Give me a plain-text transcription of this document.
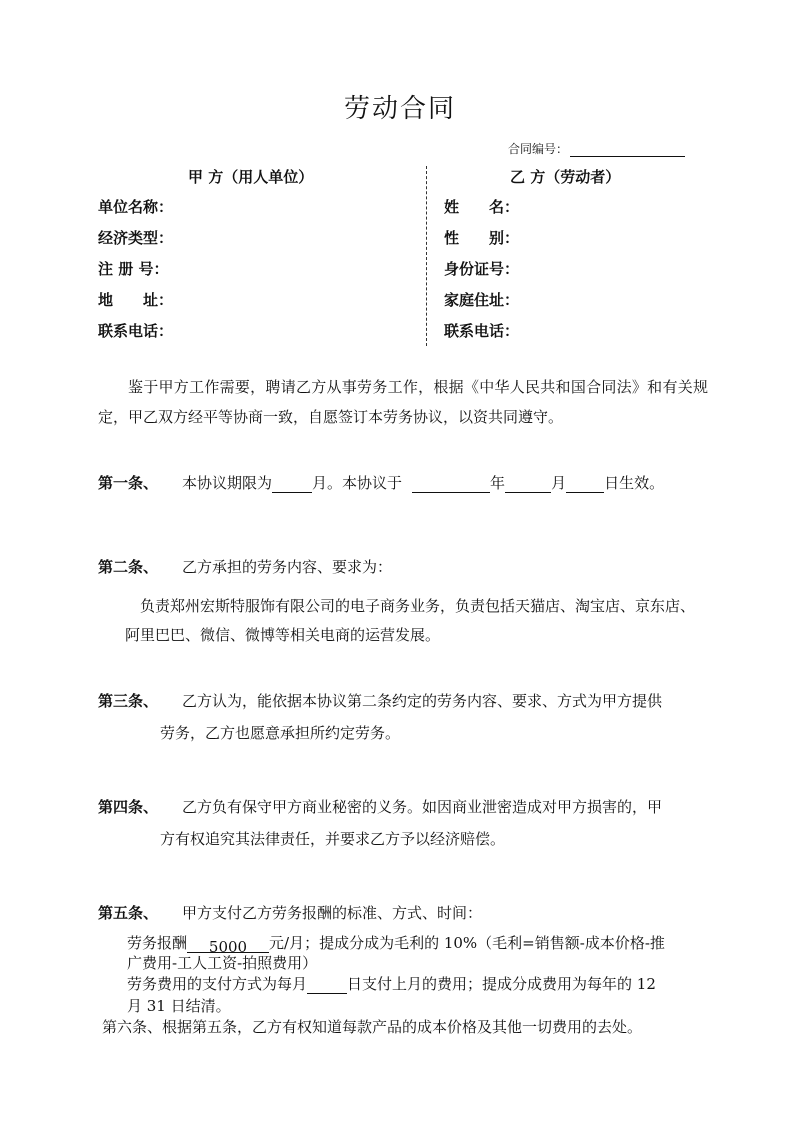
劳动合同
合同编号：
甲 方（用人单位）
单位名称：
经济类型：
注 册 号：
地　　址：
联系电话：
乙 方（劳动者）
姓　　名：
性　　别：
身份证号：
家庭住址：
联系电话：
鉴于甲方工作需要，聘请乙方从事劳务工作，根据《中华人民共和国合同法》和有关规定，甲乙双方经平等协商一致，自愿签订本劳务协议，以资共同遵守。
第一条、 本协议期限为	月。本协议于	年	月	日生效。
第二条、 乙方承担的劳务内容、要求为：
负责郑州宏斯特服饰有限公司的电子商务业务，负责包括天猫店、淘宝店、京东店、阿里巴巴、微信、微博等相关电商的运营发展。
第三条、 乙方认为，能依据本协议第二条约定的劳务内容、要求、方式为甲方提供
劳务，乙方也愿意承担所约定劳务。
第四条、 乙方负有保守甲方商业秘密的义务。如因商业泄密造成对甲方损害的，甲
方有权追究其法律责任，并要求乙方予以经济赔偿。
第五条、 甲方支付乙方劳务报酬的标准、方式、时间：
劳务报酬 5000 元/月；提成分成为毛利的 10%（毛利=销售额-成本价格-推
广费用-工人工资-拍照费用）
劳务费用的支付方式为每月	日支付上月的费用；提成分成费用为每年的 12
月 31 日结清。
第六条、根据第五条，乙方有权知道每款产品的成本价格及其他一切费用的去处。
